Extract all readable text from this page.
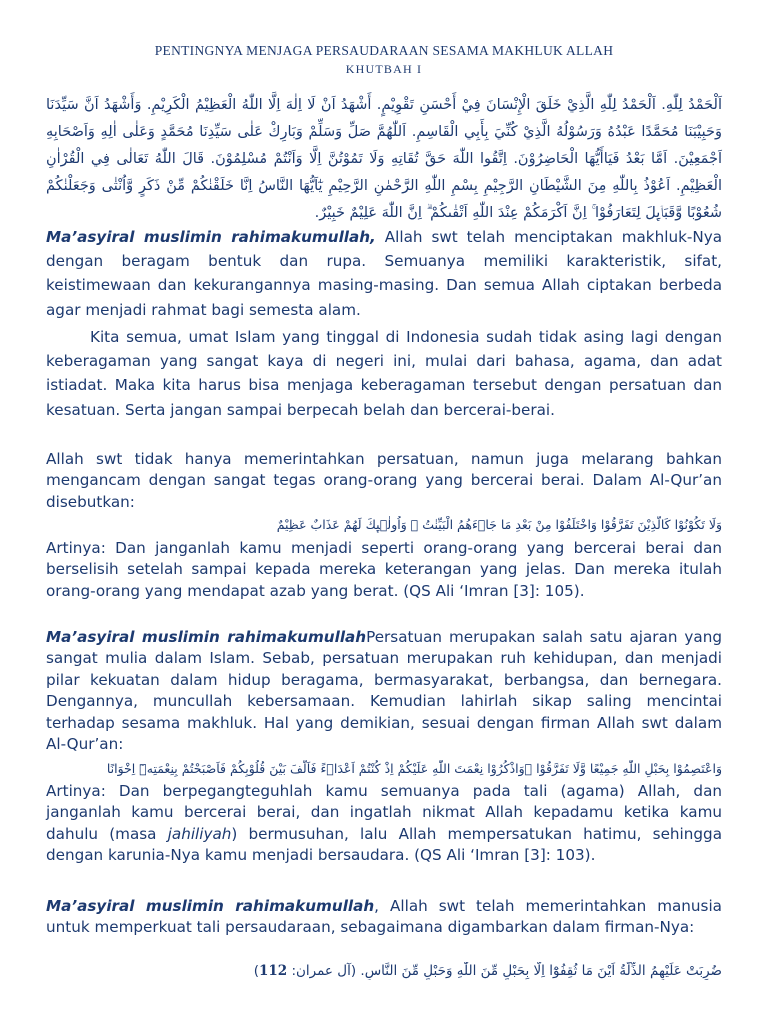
PENTINGNYA MENJAGA PERSAUDARAAN SESAMA MAKHLUK ALLAH
KHUTBAH I
اَلْحَمْدُ لِلّٰهِ. اَلْحَمْدُ لِلّٰهِ الَّذِيْ خَلَقَ الْإِنْسَانَ فِيْ أَحْسَنِ تَقْوِيْمٍ. أَشْهَدُ اَنْ لَا اِلٰهَ اِلَّا اللّٰهُ الْعَظِيْمُ الْكَرِيْمِ. وَأَشْهَدُ اَنَّ سَيِّدَنَا وَحَبِيْبَنَا مُحَمَّدًا عَبْدُهُ وَرَسُوْلُهُ الَّذِيْ كُنِّيَ بِأَبِي الْقَاسِمِ. اَللّٰهُمَّ صَلِّ وَسَلِّمْ وَبَارِكْ عَلٰى سَيِّدِنَا مُحَمَّدٍ وَعَلٰى اٰلِهِ وَاَصْحَابِهِ اَجْمَعِيْنَ. اَمَّا بَعْدُ فَيَاأَيُّهَا الْحَاضِرُوْنَ. اِتَّقُوا اللّٰهَ حَقَّ تُقَاتِهِ وَلَا تَمُوْتُنَّ اِلَّا وَاَنْتُمْ مُسْلِمُوْنَ. قَالَ اللّٰهُ تَعَالٰى فِي الْقُرْاٰنِ الْعَظِيْمِ. اَعُوْذُ بِاللّٰهِ مِنَ الشَّيْطَانِ الرَّجِيْمِ بِسْمِ اللّٰهِ الرَّحْمٰنِ الرَّحِيْمِ يٰٓاَيُّهَا النَّاسُ اِنَّا خَلَقْنٰكُمْ مِّنْ ذَكَرٍ وَّاُنْثٰى وَجَعَلْنٰكُمْ شُعُوْبًا وَّقَبَاۤىِٕلَ لِتَعَارَفُوْا ۚ اِنَّ اَكْرَمَكُمْ عِنْدَ اللّٰهِ اَتْقٰىكُمْ ۗ اِنَّ اللّٰهَ عَلِيْمٌ خَبِيْرٌ.

Ma’asyiral muslimin rahimakumullah, Allah swt telah menciptakan makhluk-Nya dengan beragam bentuk dan rupa. Semuanya memiliki karakteristik, sifat, keistimewaan dan kekurangannya masing-masing. Dan semua Allah ciptakan berbeda agar menjadi rahmat bagi semesta alam.

Kita semua, umat Islam yang tinggal di Indonesia sudah tidak asing lagi dengan keberagaman yang sangat kaya di negeri ini, mulai dari bahasa, agama, dan adat istiadat. Maka kita harus bisa menjaga keberagaman tersebut dengan persatuan dan kesatuan. Serta jangan sampai berpecah belah dan bercerai-berai.

Allah swt tidak hanya memerintahkan persatuan, namun juga melarang bahkan mengancam dengan sangat tegas orang-orang yang bercerai berai. Dalam Al-Qur’an disebutkan:

وَلَا تَكُوْنُوْا كَالَّذِيْنَ تَفَرَّقُوْا وَاخْتَلَفُوْا مِنْ بَعْدِ مَا جَاۤءَهُمُ الْبَيِّنٰتُ ۗ وَاُولٰۤىِٕكَ لَهُمْ عَذَابٌ عَظِيْمٌ

Artinya: Dan janganlah kamu menjadi seperti orang-orang yang bercerai berai dan berselisih setelah sampai kepada mereka keterangan yang jelas. Dan mereka itulah orang-orang yang mendapat azab yang berat. (QS Ali ‘Imran [3]: 105).

Ma’asyiral muslimin rahimakumullahPersatuan merupakan salah satu ajaran yang sangat mulia dalam Islam. Sebab, persatuan merupakan ruh kehidupan, dan menjadi pilar kekuatan dalam hidup beragama, bermasyarakat, berbangsa, dan bernegara. Dengannya, muncullah kebersamaan. Kemudian lahirlah sikap saling mencintai terhadap sesama makhluk. Hal yang demikian, sesuai dengan firman Allah swt dalam Al-Qur’an:

وَاعْتَصِمُوْا بِحَبْلِ اللّٰهِ جَمِيْعًا وَّلَا تَفَرَّقُوْا ۖوَاذْكُرُوْا نِعْمَتَ اللّٰهِ عَلَيْكُمْ اِذْ كُنْتُمْ اَعْدَاۤءً فَاَلَّفَ بَيْنَ قُلُوْبِكُمْ فَاَصْبَحْتُمْ بِنِعْمَتِهٖٓ اِخْوَانًا

Artinya: Dan berpegangteguhlah kamu semuanya pada tali (agama) Allah, dan janganlah kamu bercerai berai, dan ingatlah nikmat Allah kepadamu ketika kamu dahulu (masa jahiliyah) bermusuhan, lalu Allah mempersatukan hatimu, sehingga dengan karunia-Nya kamu menjadi bersaudara. (QS Ali ‘Imran [3]: 103).

Ma’asyiral muslimin rahimakumullah, Allah swt telah memerintahkan manusia untuk memperkuat tali persaudaraan, sebagaimana digambarkan dalam firman-Nya:

ضُرِبَتْ عَلَيْهِمُ الذِّلَّةُ اَيْنَ مَا ثُقِفُوْٓا اِلَّا بِحَبْلٍ مِّنَ اللّٰهِ وَحَبْلٍ مِّنَ النَّاسِ. (آل عمران: 112)
